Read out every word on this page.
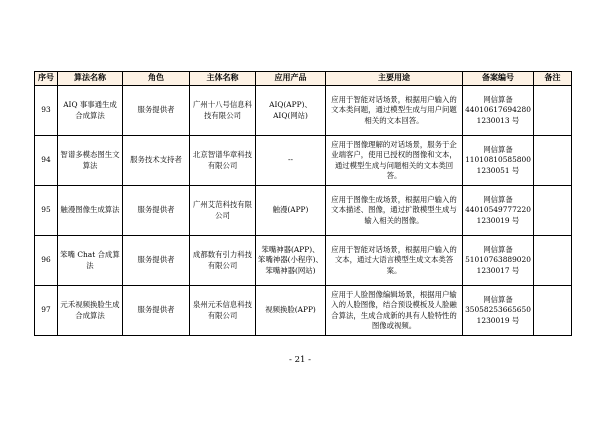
序号	算法名称	角色	主体名称	应用产品	主要用途	备案编号	备注
93	AIQ 事事通生成合成算法	服务提供者	广州十八号信息科技有限公司	AIQ(APP)、AIQ(网站)	应用于智能对话场景，根据用户输入的文本类问题，通过模型生成与用户问题相关的文本回答。	网信算备
44010617694280
1230013 号	
94	智谱多模态图生文算法	服务技术支持者	北京智谱华章科技有限公司	--	应用于图像理解的对话场景，服务于企业端客户，使用已授权的图像和文本，通过模型生成与问题相关的文本类回答。	网信算备
11010810585800
1230051 号	
95	触漫图像生成算法	服务提供者	广州艾范科技有限公司	触漫(APP)	应用于图像生成场景，根据用户输入的文本描述、图像，通过扩散模型生成与输入相关的图像。	网信算备
44010549777220
1230019 号	
96	笨嘴 Chat 合成算法	服务提供者	成都数有引力科技有限公司	笨嘴神器(APP)、笨嘴神器(小程序)、笨嘴神器(网站)	应用于智能对话场景，根据用户输入的文本，通过大语言模型生成文本类答案。	网信算备
51010763889020
1230017 号	
97	元禾视频换脸生成合成算法	服务提供者	泉州元禾信息科技有限公司	视频换脸(APP)	应用于人脸图像编辑场景，根据用户输入的人脸图像，结合预设模板及人脸融合算法，生成合成新的具有人脸特性的图像或视频。	网信算备
35058253665650
1230019 号	
- 21 -
